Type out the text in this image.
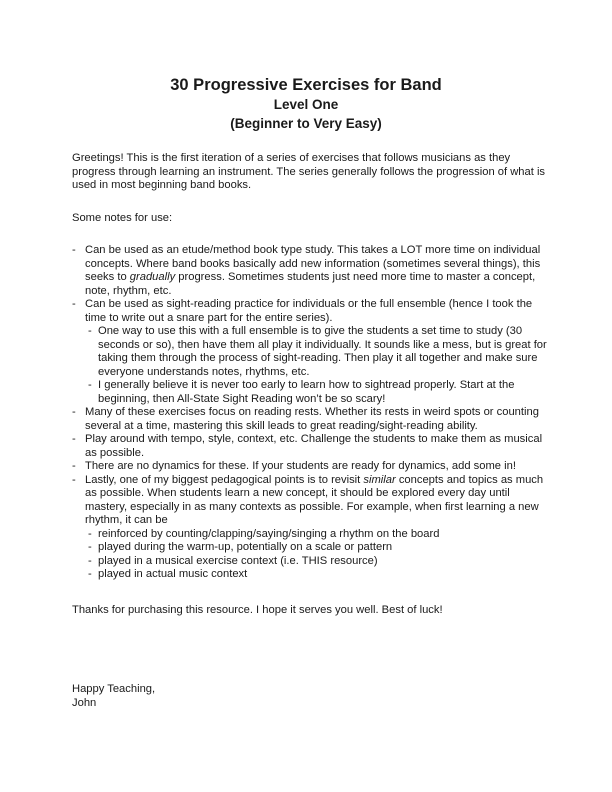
30 Progressive Exercises for Band
Level One
(Beginner to Very Easy)

Greetings! This is the first iteration of a series of exercises that follows musicians as they progress through learning an instrument. The series generally follows the progression of what is used in most beginning band books.

Some notes for use:

- Can be used as an etude/method book type study. This takes a LOT more time on individual concepts. Where band books basically add new information (sometimes several things), this seeks to gradually progress. Sometimes students just need more time to master a concept, note, rhythm, etc.
- Can be used as sight-reading practice for individuals or the full ensemble (hence I took the time to write out a snare part for the entire series).
- One way to use this with a full ensemble is to give the students a set time to study (30 seconds or so), then have them all play it individually. It sounds like a mess, but is great for taking them through the process of sight-reading. Then play it all together and make sure everyone understands notes, rhythms, etc.
- I generally believe it is never too early to learn how to sightread properly. Start at the beginning, then All-State Sight Reading won’t be so scary!
- Many of these exercises focus on reading rests. Whether its rests in weird spots or counting several at a time, mastering this skill leads to great reading/sight-reading ability.
- Play around with tempo, style, context, etc. Challenge the students to make them as musical as possible.
- There are no dynamics for these. If your students are ready for dynamics, add some in!
- Lastly, one of my biggest pedagogical points is to revisit similar concepts and topics as much as possible. When students learn a new concept, it should be explored every day until mastery, especially in as many contexts as possible. For example, when first learning a new rhythm, it can be
- reinforced by counting/clapping/saying/singing a rhythm on the board
- played during the warm-up, potentially on a scale or pattern
- played in a musical exercise context (i.e. THIS resource)
- played in actual music context

Thanks for purchasing this resource. I hope it serves you well. Best of luck!

Happy Teaching,
John
